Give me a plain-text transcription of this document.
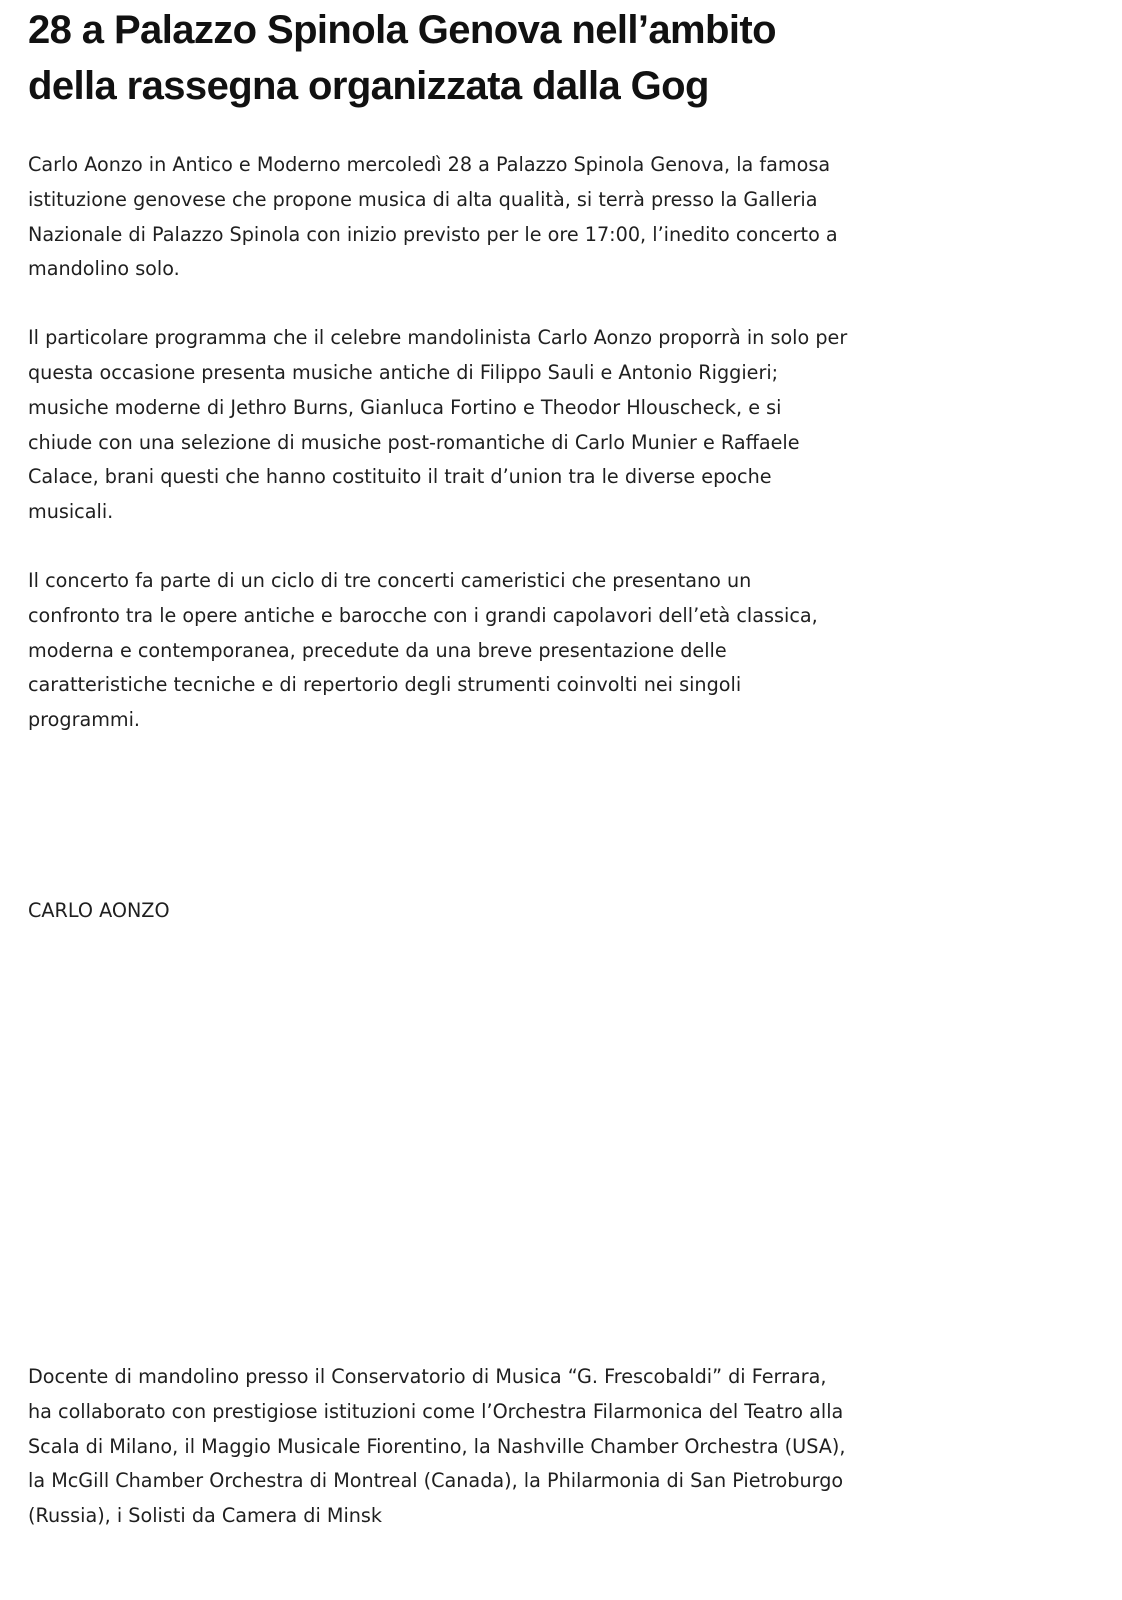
28 a Palazzo Spinola Genova nell’ambito della rassegna organizzata dalla Gog

Carlo Aonzo in Antico e Moderno mercoledì 28 a Palazzo Spinola Genova, la famosa istituzione genovese che propone musica di alta qualità, si terrà presso la Galleria Nazionale di Palazzo Spinola con inizio previsto per le ore 17:00, l’inedito concerto a mandolino solo.

Il particolare programma che il celebre mandolinista Carlo Aonzo proporrà in solo per questa occasione presenta musiche antiche di Filippo Sauli e Antonio Riggieri; musiche moderne di Jethro Burns, Gianluca Fortino e Theodor Hlouscheck, e si chiude con una selezione di musiche post-romantiche di Carlo Munier e Raffaele Calace, brani questi che hanno costituito il trait d’union tra le diverse epoche musicali.

Il concerto fa parte di un ciclo di tre concerti cameristici che presentano un confronto tra le opere antiche e barocche con i grandi capolavori dell’età classica, moderna e contemporanea, precedute da una breve presentazione delle caratteristiche tecniche e di repertorio degli strumenti coinvolti nei singoli programmi.

CARLO AONZO

Docente di mandolino presso il Conservatorio di Musica “G. Frescobaldi” di Ferrara, ha collaborato con prestigiose istituzioni come l’Orchestra Filarmonica del Teatro alla Scala di Milano, il Maggio Musicale Fiorentino, la Nashville Chamber Orchestra (USA), la McGill Chamber Orchestra di Montreal (Canada), la Philarmonia di San Pietroburgo (Russia), i Solisti da Camera di Minsk
